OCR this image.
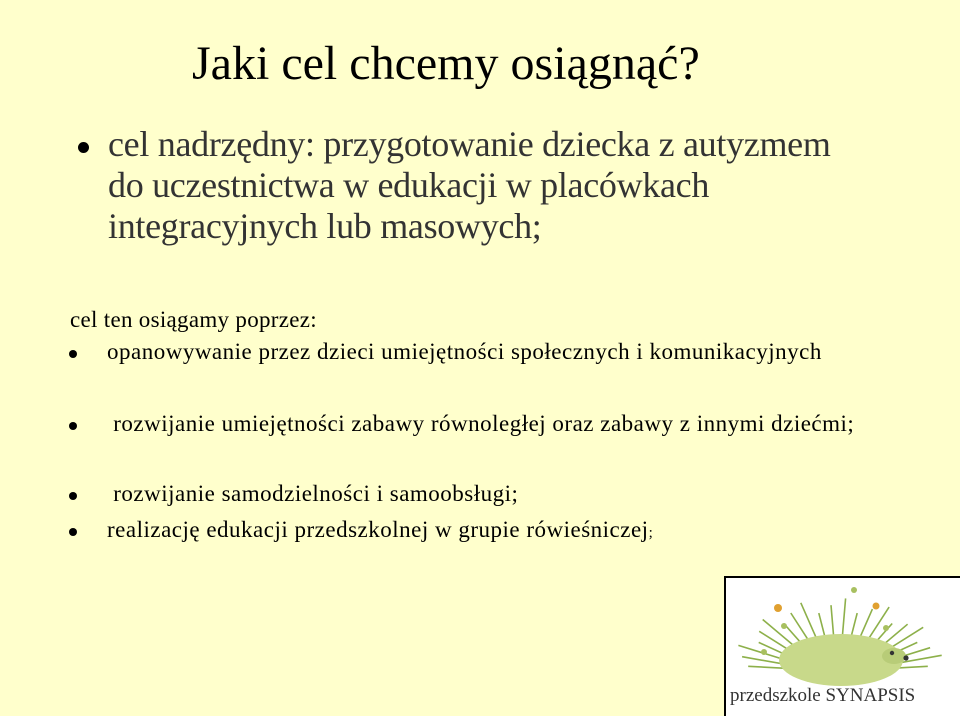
Jaki cel chcemy osiągnąć?
cel nadrzędny: przygotowanie dziecka z autyzmem do uczestnictwa w edukacji w placówkach integracyjnych lub masowych;
cel ten osiągamy poprzez:
opanowywanie przez dzieci umiejętności społecznych i komunikacyjnych
rozwijanie umiejętności zabawy równoległej oraz zabawy z innymi dziećmi;
rozwijanie samodzielności i samoobsługi;
realizację edukacji przedszkolnej w grupie rówieśniczej;
przedszkole SYNAPSIS
